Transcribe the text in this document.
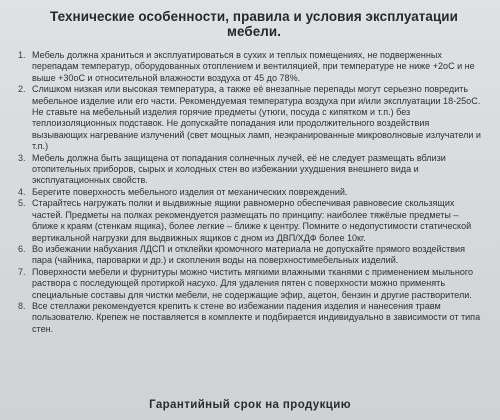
Технические особенности, правила и условия эксплуатации мебели.
1. Мебель должна храниться и эксплуатироваться в сухих и теплых помещениях, не подверженных перепадам температур, оборудованных отоплением и вентиляцией, при температуре не ниже +2оС и не выше +30оС и относительной влажности воздуха от 45 до 78%.
2. Слишком низкая или высокая температура, а также её внезапные перепады могут серьезно повредить мебельное изделие или его части. Рекомендуемая температура воздуха при и/или эксплуатации 18-25оС. Не ставьте на мебельный изделия горячие предметы (утюги, посуда с кипятком и т.п.) без теплоизоляционных подставок. Не допускайте попадания или продолжительного воздействия вызывающих нагревание излучений (свет мощных ламп, неэкранированные микроволновые излучатели и т.п.)
3. Мебель должна быть защищена от попадания солнечных лучей, её не следует размещать вблизи отопительных приборов, сырых и холодных стен во избежании ухудшения внешнего вида и эксплуатационных свойств.
4. Берегите поверхность мебельного изделия от механических повреждений.
5. Старайтесь нагружать полки и выдвижные ящики равномерно обеспечивая равновесие скользящих частей. Предметы на полках рекомендуется размещать по принципу: наиболее тяжёлые предметы – ближе к краям (стенкам ящика), более легкие – ближе к центру. Помните о недопустимости статической вертикальной нагрузки для выдвижных ящиков с дном из ДВП/ХДФ более 10кг.
6. Во избежании набухания ЛДСП и отклейки кромочного материала не допускайте прямого воздействия пара (чайника, пароварки и др.) и скопления воды на поверхностимебельных изделий.
7. Поверхности мебели и фурнитуры можно чистить мягкими влажными тканями с применением мыльного раствора с последующей протиркой насухо. Для удаления пятен с поверхности можно применять специальные составы для чистки мебели, не содержащие эфир, ацетон, бензин и другие растворители.
8. Все стеллажи рекомендуется крепить к стене во избежании падения изделия и нанесения травм пользователю. Крепеж не поставляется в комплекте и подбирается индивидуально в зависимости от типа стен.
Гарантийный срок на продукцию
